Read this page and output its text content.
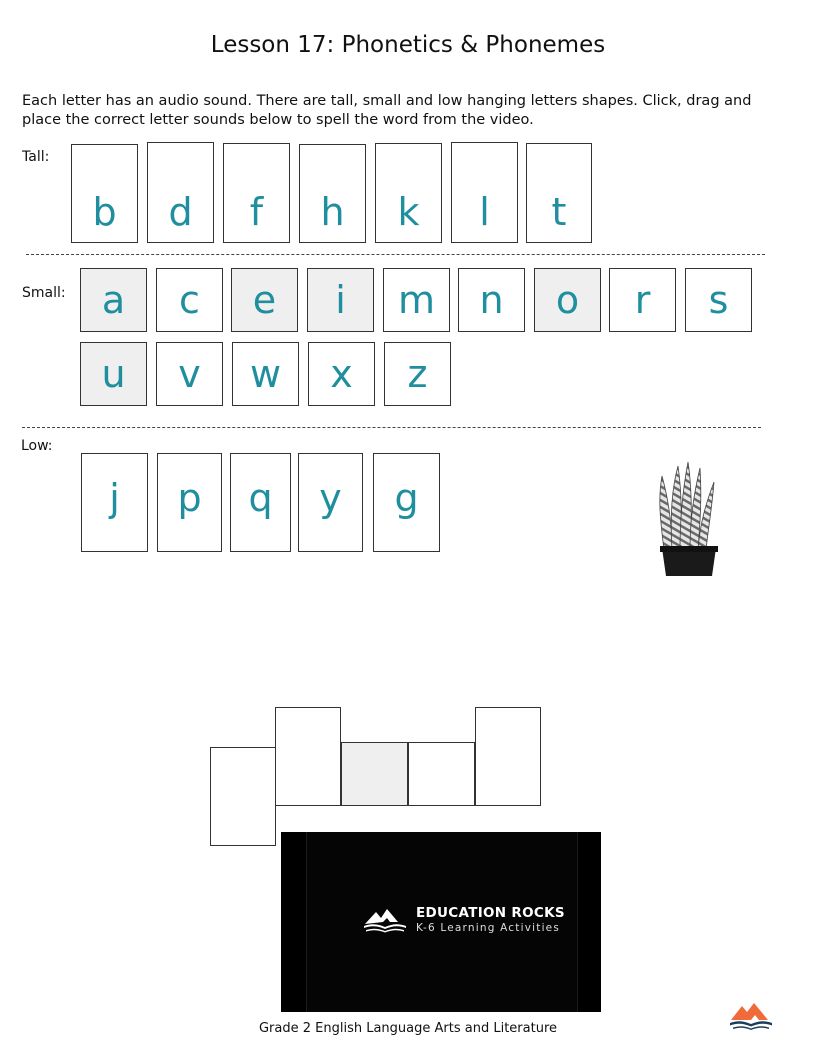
Lesson 17: Phonetics & Phonemes
Each letter has an audio sound. There are tall, small and low hanging letters shapes. Click, drag and place the correct letter sounds below to spell the word from the video.
Tall:
b	d	f	h	k	l	t
Small: a	c	e	i	m	n	o	r	s
u	v	w	x	z
Low:
j	p	q	y	g
EDUCATION ROCKS
K-6 Learning Activities
Grade 2 English Language Arts and Literature
